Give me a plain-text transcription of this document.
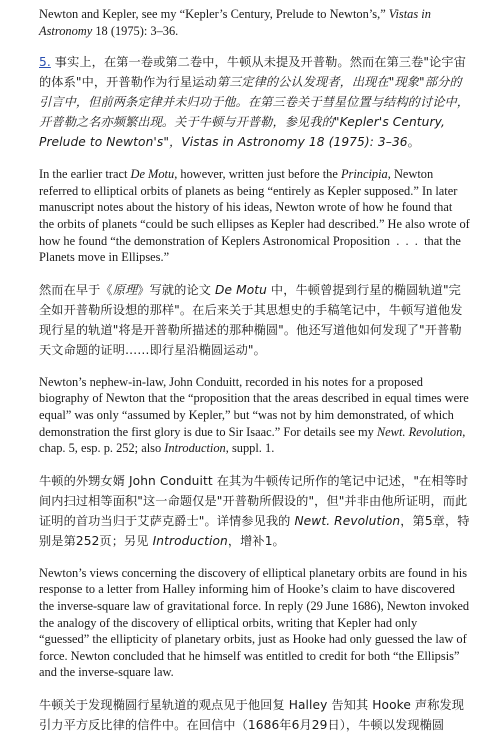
Newton and Kepler, see my “Kepler’s Century, Prelude to Newton’s,” Vistas in Astronomy 18 (1975): 3–36.

5. 事实上，在第一卷或第二卷中，牛顿从未提及开普勒。然而在第三卷"论宇宙的体系"中，开普勒作为行星运动第三定律的公认发现者，出现在"现象"部分的引言中，但前两条定律并未归功于他。在第三卷关于彗星位置与结构的讨论中，开普勒之名亦频繁出现。关于牛顿与开普勒，参见我的"Kepler's Century, Prelude to Newton's"，Vistas in Astronomy 18 (1975): 3–36。

In the earlier tract De Motu, however, written just before the Principia, Newton referred to elliptical orbits of planets as being “entirely as Kepler supposed.” In later manuscript notes about the history of his ideas, Newton wrote of how he found that the orbits of planets “could be such ellipses as Kepler had described.” He also wrote of how he found “the demonstration of Keplers Astronomical Proposition  .  .  .  that the Planets move in Ellipses.”

然而在早于《原理》写就的论文 De Motu 中，牛顿曾提到行星的椭圆轨道"完全如开普勒所设想的那样"。在后来关于其思想史的手稿笔记中，牛顿写道他发现行星的轨道"将是开普勒所描述的那种椭圆"。他还写道他如何发现了"开普勒天文命题的证明……即行星沿椭圆运动"。

Newton’s nephew-in-law, John Conduitt, recorded in his notes for a proposed biography of Newton that the “proposition that the areas described in equal times were equal” was only “assumed by Kepler,” but “was not by him demonstrated, of which demonstration the first glory is due to Sir Isaac.” For details see my Newt. Revolution, chap. 5, esp. p. 252; also Introduction, suppl. 1.

牛顿的外甥女婿 John Conduitt 在其为牛顿传记所作的笔记中记述，"在相等时间内扫过相等面积"这一命题仅是"开普勒所假设的"，但"并非由他所证明，而此证明的首功当归于艾萨克爵士"。详情参见我的 Newt. Revolution，第5章，特别是第252页；另见 Introduction，增补1。

Newton’s views concerning the discovery of elliptical planetary orbits are found in his response to a letter from Halley informing him of Hooke’s claim to have discovered the inverse-square law of gravitational force. In reply (29 June 1686), Newton invoked the analogy of the discovery of elliptical orbits, writing that Kepler had only “guessed” the ellipticity of planetary orbits, just as Hooke had only guessed the law of force. Newton concluded that he himself was entitled to credit for both “the Ellipsis” and the inverse-square law.

牛顿关于发现椭圆行星轨道的观点见于他回复 Halley 告知其 Hooke 声称发现引力平方反比律的信件中。在回信中（1686年6月29日），牛顿以发现椭圆
